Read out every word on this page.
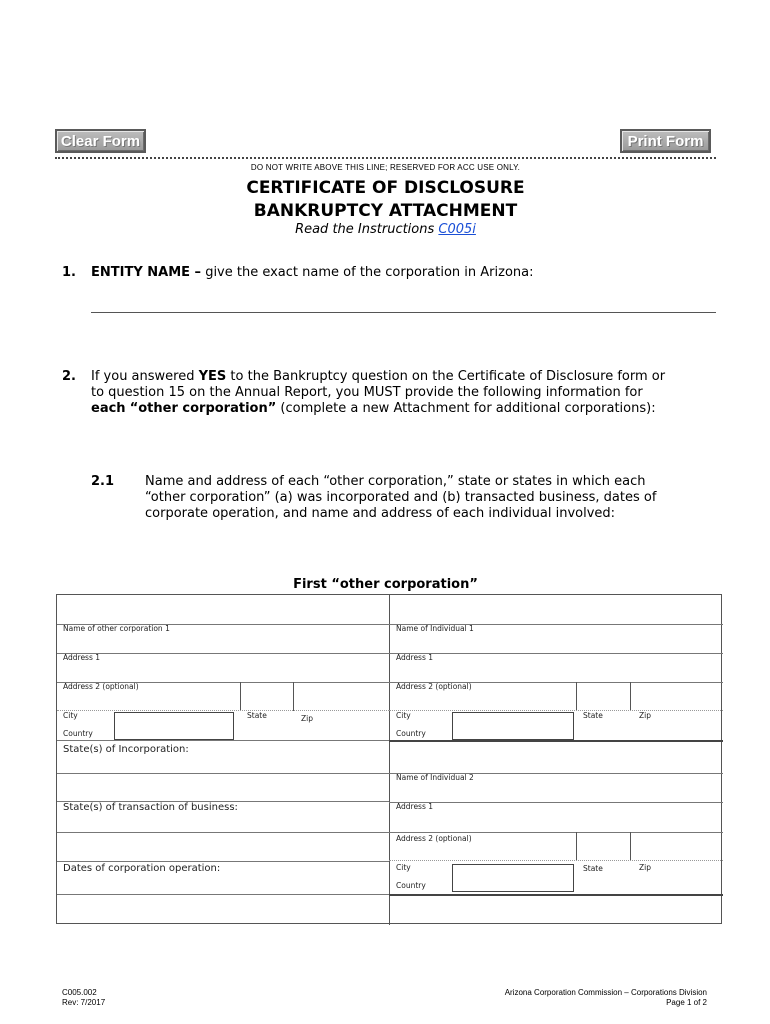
Clear Form	Print Form
DO NOT WRITE ABOVE THIS LINE; RESERVED FOR ACC USE ONLY.
CERTIFICATE OF DISCLOSURE
BANKRUPTCY ATTACHMENT
Read the Instructions C005i
1. ENTITY NAME – give the exact name of the corporation in Arizona:
2. If you answered YES to the Bankruptcy question on the Certificate of Disclosure form or to question 15 on the Annual Report, you MUST provide the following information for each “other corporation” (complete a new Attachment for additional corporations):
2.1 Name and address of each “other corporation,” state or states in which each “other corporation” (a) was incorporated and (b) transacted business, dates of corporate operation, and name and address of each individual involved:
First “other corporation”
Name of other corporation 1
Address 1
Address 2 (optional)
City	State	Zip
Country
State(s) of Incorporation:
State(s) of transaction of business:
Dates of corporation operation:
Name of Individual 1
Address 1
Address 2 (optional)
City	State	Zip
Country
Name of Individual 2
Address 1
Address 2 (optional)
City	State	Zip
Country
C005.002
Rev: 7/2017
Arizona Corporation Commission – Corporations Division
Page 1 of 2
